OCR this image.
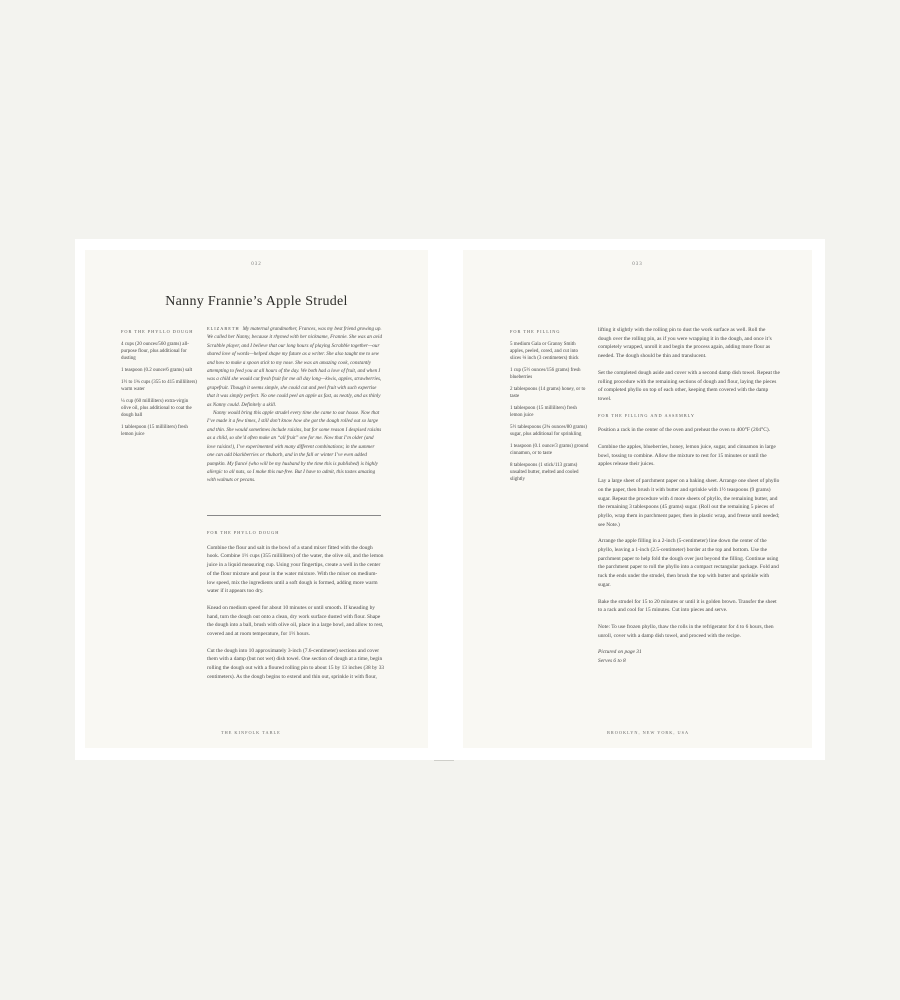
032
Nanny Frannie’s Apple Strudel
FOR THE PHYLLO DOUGH
4 cups (20 ounces/560 grams) all-purpose flour, plus additional for dusting
1 teaspoon (0.2 ounce/6 grams) salt
1½ to 1¾ cups (355 to 415 milliliters) warm water
¼ cup (60 milliliters) extra-virgin olive oil, plus additional to coat the dough ball
1 tablespoon (15 milliliters) fresh lemon juice

ELIZABETH My maternal grandmother, Frances, was my best friend growing up. We called her Nanny, because it rhymed with her nickname, Frannie. She was an avid Scrabble player, and I believe that our long hours of playing Scrabble together—our shared love of words—helped shape my future as a writer. She also taught me to sew and how to make a spoon stick to my nose. She was an amazing cook, constantly attempting to feed you at all hours of the day. We both had a love of fruit, and when I was a child she would cut fresh fruit for me all day long—kiwis, apples, strawberries, grapefruit. Though it seems simple, she could cut and peel fruit with such expertise that it was simply perfect. No one could peel an apple as fast, as neatly, and as thinly as Nanny could. Definitely a skill.

Nanny would bring this apple strudel every time she came to our house. Now that I’ve made it a few times, I still don’t know how she got the dough rolled out so large and thin. She would sometimes include raisins, but for some reason I despised raisins as a child, so she’d often make an “all fruit” one for me. Now that I’m older (and love raisins!), I’ve experimented with many different combinations; in the summer one can add blackberries or rhubarb, and in the fall or winter I’ve even added pumpkin. My fiancé (who will be my husband by the time this is published) is highly allergic to all nuts, so I make this nut-free. But I have to admit, this tastes amazing with walnuts or pecans.

FOR THE PHYLLO DOUGH

Combine the flour and salt in the bowl of a stand mixer fitted with the dough hook. Combine 1½ cups (355 milliliters) of the water, the olive oil, and the lemon juice in a liquid measuring cup. Using your fingertips, create a well in the center of the flour mixture and pour in the water mixture. With the mixer on medium-low speed, mix the ingredients until a soft dough is formed, adding more warm water if it appears too dry.

Knead on medium speed for about 10 minutes or until smooth. If kneading by hand, turn the dough out onto a clean, dry work surface dusted with flour. Shape the dough into a ball, brush with olive oil, place in a large bowl, and allow to rest, covered and at room temperature, for 1½ hours.

Cut the dough into 10 approximately 3-inch (7.6-centimeter) sections and cover them with a damp (but not wet) dish towel. One section of dough at a time, begin rolling the dough out with a floured rolling pin to about 15 by 13 inches (38 by 33 centimeters). As the dough begins to extend and thin out, sprinkle it with flour,

THE KINFOLK TABLE
033
FOR THE FILLING
5 medium Gala or Granny Smith apples, peeled, cored, and cut into slices ⅛ inch (3 centimeters) thick
1 cup (5½ ounces/156 grams) fresh blueberries
2 tablespoons (14 grams) honey, or to taste
1 tablespoon (15 milliliters) fresh lemon juice
5½ tablespoons (2¾ ounces/80 grams) sugar, plus additional for sprinkling
1 teaspoon (0.1 ounce/3 grams) ground cinnamon, or to taste
8 tablespoons (1 stick/113 grams) unsalted butter, melted and cooled slightly

lifting it slightly with the rolling pin to dust the work surface as well. Roll the dough over the rolling pin, as if you were wrapping it in the dough, and once it’s completely wrapped, unroll it and begin the process again, adding more flour as needed. The dough should be thin and translucent.

Set the completed dough aside and cover with a second damp dish towel. Repeat the rolling procedure with the remaining sections of dough and flour, laying the pieces of completed phyllo on top of each other, keeping them covered with the damp towel.

FOR THE FILLING AND ASSEMBLY

Position a rack in the center of the oven and preheat the oven to 400°F (204°C).

Combine the apples, blueberries, honey, lemon juice, sugar, and cinnamon in large bowl, tossing to combine. Allow the mixture to rest for 15 minutes or until the apples release their juices.

Lay a large sheet of parchment paper on a baking sheet. Arrange one sheet of phyllo on the paper, then brush it with butter and sprinkle with 1½ teaspoons (9 grams) sugar. Repeat the procedure with 4 more sheets of phyllo, the remaining butter, and the remaining 3 tablespoons (45 grams) sugar. (Roll out the remaining 5 pieces of phyllo, wrap them in parchment paper, then in plastic wrap, and freeze until needed; see Note.)

Arrange the apple filling in a 2-inch (5-centimeter) line down the center of the phyllo, leaving a 1-inch (2.5-centimeter) border at the top and bottom. Use the parchment paper to help fold the dough over just beyond the filling. Continue using the parchment paper to roll the phyllo into a compact rectangular package. Fold and tuck the ends under the strudel, then brush the top with butter and sprinkle with sugar.

Bake the strudel for 15 to 20 minutes or until it is golden brown. Transfer the sheet to a rack and cool for 15 minutes. Cut into pieces and serve.

Note: To use frozen phyllo, thaw the rolls in the refrigerator for 4 to 6 hours, then unroll, cover with a damp dish towel, and proceed with the recipe.

Pictured on page 31
Serves 6 to 8
BROOKLYN, NEW YORK, USA
